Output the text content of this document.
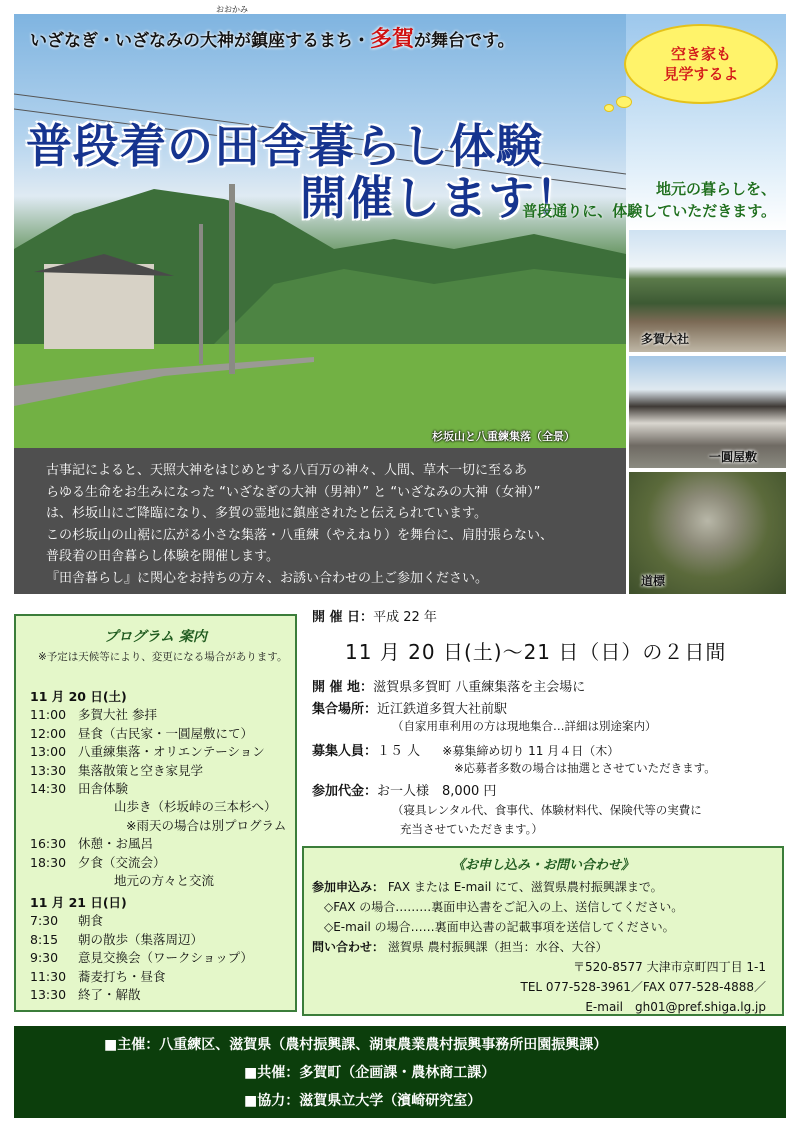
おおかみ
いざなぎ・いざなみの大神が鎮座するまち・多賀が舞台です。
空き家も
見学するよ
普段着の田舎暮らし体験
開催します！	地元の暮らしを、
普段通りに、体験していただきます。
杉坂山と八重練集落（全景）
多賀大社
一圓屋敷
道標
古事記によると、天照大神をはじめとする八百万の神々、人間、草木一切に至るあ
らゆる生命をお生みになった “いざなぎの大神（男神）” と “いざなみの大神（女神）”
は、杉坂山にご降臨になり、多賀の霊地に鎮座されたと伝えられています。
この杉坂山の山裾に広がる小さな集落・八重練（やえねり）を舞台に、肩肘張らない、
普段着の田舎暮らし体験を開催します。
『田舎暮らし』に関心をお持ちの方々、お誘い合わせの上ご参加ください。
プログラム 案内
※予定は天候等により、変更になる場合があります。
11 月 20 日(土)
11:00 多賀大社 参拝
12:00 昼食（古民家・一圓屋敷にて）
13:00 八重練集落・オリエンテーション
13:30 集落散策と空き家見学
14:30 田舎体験
山歩き（杉坂峠の三本杉へ）
※雨天の場合は別プログラム
16:30 休憩・お風呂
18:30 夕食（交流会）
地元の方々と交流
11 月 21 日(日)
7:30 朝食
8:15 朝の散歩（集落周辺）
9:30 意見交換会（ワークショップ）
11:30 蕎麦打ち・昼食
13:30 終了・解散
開 催 日：平成 22 年
11 月 20 日(土)～21 日（日）の２日間
開 催 地：滋賀県多賀町 八重練集落を主会場に
集合場所：近江鉄道多賀大社前駅
（自家用車利用の方は現地集合…詳細は別途案内）
募集人員：１５ 人 ※募集締め切り 11 月４日（木）
※応募者多数の場合は抽選とさせていただきます。
参加代金：お一人様　8,000 円
（寝具レンタル代、食事代、体験材料代、保険代等の実費に
充当させていただきます。）
《お申し込み・お問い合わせ》
参加申込み： FAX または E-mail にて、滋賀県農村振興課まで。
◇FAX の場合………裏面申込書をご記入の上、送信してください。
◇E-mail の場合……裏面申込書の記載事項を送信してください。
問い合わせ： 滋賀県 農村振興課（担当：水谷、大谷）
〒520-8577 大津市京町四丁目 1-1
TEL 077-528-3961／FAX 077-528-4888／
E-mail　gh01@pref.shiga.lg.jp
■主催：八重練区、滋賀県（農村振興課、湖東農業農村振興事務所田園振興課）
■共催：多賀町（企画課・農林商工課）
■協力：滋賀県立大学（濱崎研究室）
